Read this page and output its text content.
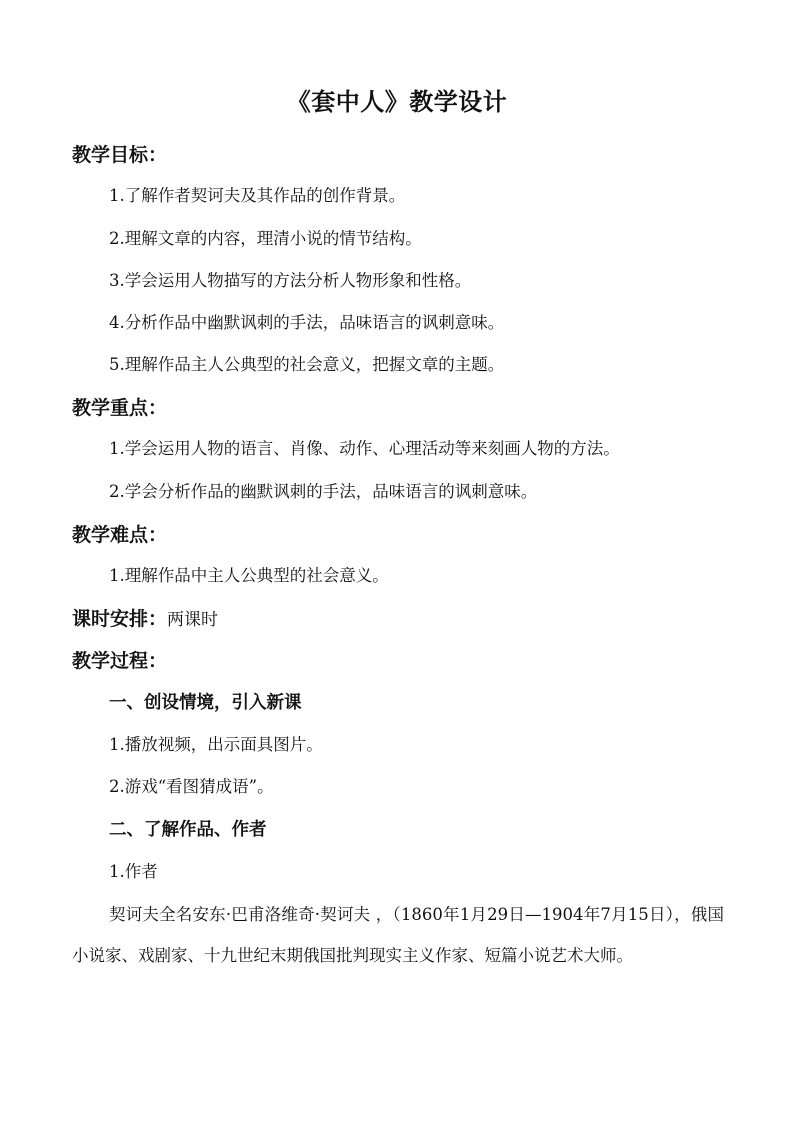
《套中人》教学设计
教学目标：
1.了解作者契诃夫及其作品的创作背景。
2.理解文章的内容，理清小说的情节结构。
3.学会运用人物描写的方法分析人物形象和性格。
4.分析作品中幽默讽刺的手法，品味语言的讽刺意味。
5.理解作品主人公典型的社会意义，把握文章的主题。
教学重点：
1.学会运用人物的语言、肖像、动作、心理活动等来刻画人物的方法。
2.学会分析作品的幽默讽刺的手法，品味语言的讽刺意味。
教学难点：
1.理解作品中主人公典型的社会意义。
课时安排：两课时
教学过程：
一、创设情境，引入新课
1.播放视频，出示面具图片。
2.游戏“看图猜成语”。
二、了解作品、作者
1.作者
契诃夫全名安东·巴甫洛维奇·契诃夫 ，（1860年1月29日—1904年7月15日），俄国小说家、戏剧家、十九世纪末期俄国批判现实主义作家、短篇小说艺术大师。
